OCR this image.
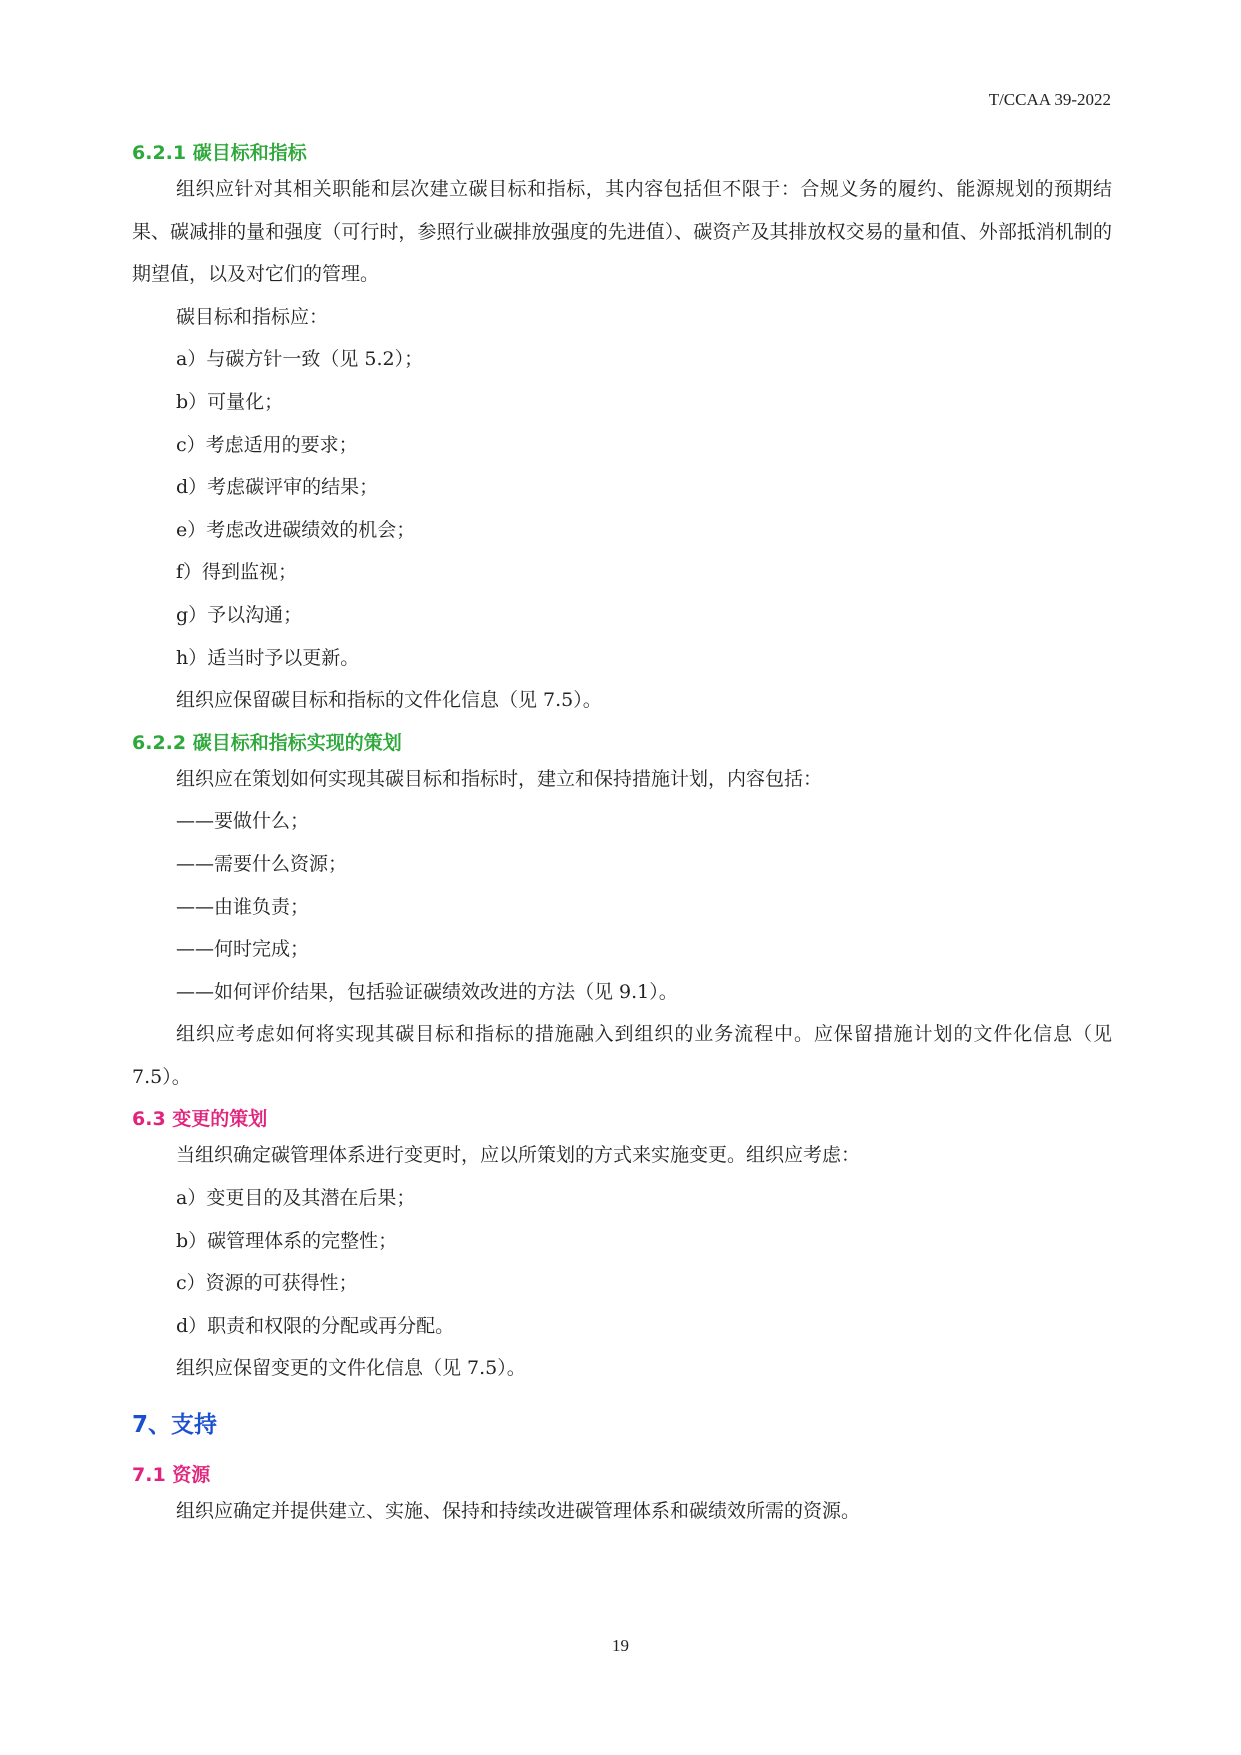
T/CCAA 39-2022
6.2.1 碳目标和指标
组织应针对其相关职能和层次建立碳目标和指标，其内容包括但不限于：合规义务的履约、能源规划的预期结果、碳减排的量和强度（可行时，参照行业碳排放强度的先进值）、碳资产及其排放权交易的量和值、外部抵消机制的期望值，以及对它们的管理。
碳目标和指标应：
a）与碳方针一致（见 5.2）；
b）可量化；
c）考虑适用的要求；
d）考虑碳评审的结果；
e）考虑改进碳绩效的机会；
f）得到监视；
g）予以沟通；
h）适当时予以更新。
组织应保留碳目标和指标的文件化信息（见 7.5）。
6.2.2 碳目标和指标实现的策划
组织应在策划如何实现其碳目标和指标时，建立和保持措施计划，内容包括：
——要做什么；
——需要什么资源；
——由谁负责；
——何时完成；
——如何评价结果，包括验证碳绩效改进的方法（见 9.1）。
组织应考虑如何将实现其碳目标和指标的措施融入到组织的业务流程中。应保留措施计划的文件化信息（见 7.5）。
6.3 变更的策划
当组织确定碳管理体系进行变更时，应以所策划的方式来实施变更。组织应考虑：
a）变更目的及其潜在后果；
b）碳管理体系的完整性；
c）资源的可获得性；
d）职责和权限的分配或再分配。
组织应保留变更的文件化信息（见 7.5）。
7、支持
7.1 资源
组织应确定并提供建立、实施、保持和持续改进碳管理体系和碳绩效所需的资源。
19
